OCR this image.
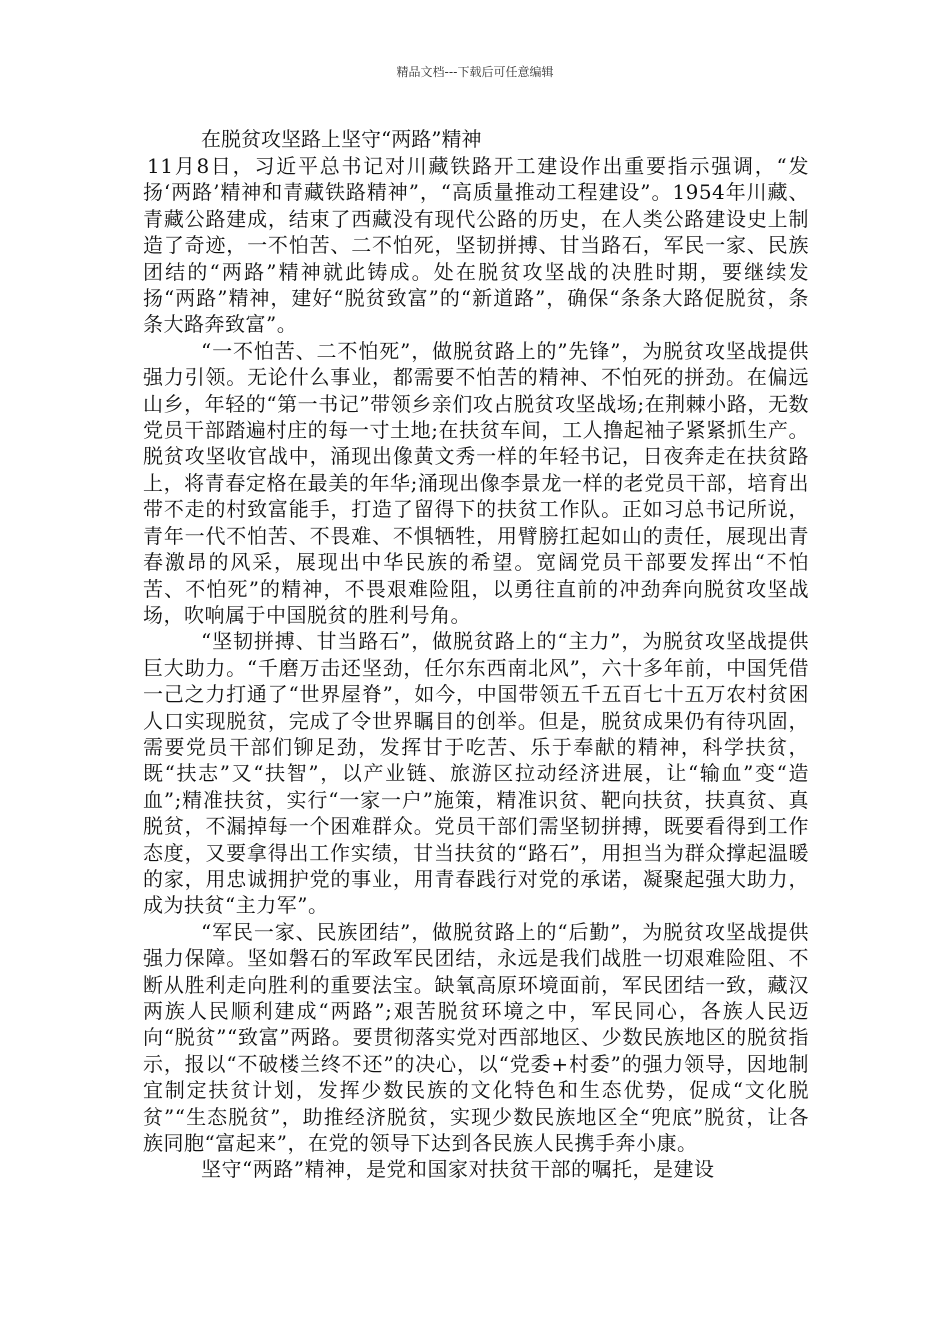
精品文档---下载后可任意编辑
在脱贫攻坚路上坚守“两路”精神

11月8日，习近平总书记对川藏铁路开工建设作出重要指示强调，“发扬‘两路’精神和青藏铁路精神”，“高质量推动工程建设”。1954年川藏、青藏公路建成，结束了西藏没有现代公路的历史，在人类公路建设史上制造了奇迹，一不怕苦、二不怕死，坚韧拼搏、甘当路石，军民一家、民族团结的“两路”精神就此铸成。处在脱贫攻坚战的决胜时期，要继续发扬“两路”精神，建好“脱贫致富”的“新道路”，确保“条条大路促脱贫，条条大路奔致富”。

“一不怕苦、二不怕死”，做脱贫路上的”先锋”，为脱贫攻坚战提供强力引领。无论什么事业，都需要不怕苦的精神、不怕死的拼劲。在偏远山乡，年轻的“第一书记”带领乡亲们攻占脱贫攻坚战场;在荆棘小路，无数党员干部踏遍村庄的每一寸土地;在扶贫车间，工人撸起袖子紧紧抓生产。脱贫攻坚收官战中，涌现出像黄文秀一样的年轻书记，日夜奔走在扶贫路上，将青春定格在最美的年华;涌现出像李景龙一样的老党员干部，培育出带不走的村致富能手，打造了留得下的扶贫工作队。正如习总书记所说，青年一代不怕苦、不畏难、不惧牺牲，用臂膀扛起如山的责任，展现出青春激昂的风采，展现出中华民族的希望。宽阔党员干部要发挥出“不怕苦、不怕死”的精神，不畏艰难险阻，以勇往直前的冲劲奔向脱贫攻坚战场，吹响属于中国脱贫的胜利号角。

“坚韧拼搏、甘当路石”，做脱贫路上的“主力”，为脱贫攻坚战提供巨大助力。“千磨万击还坚劲，任尔东西南北风”，六十多年前，中国凭借一己之力打通了“世界屋脊”，如今，中国带领五千五百七十五万农村贫困人口实现脱贫，完成了令世界瞩目的创举。但是，脱贫成果仍有待巩固，需要党员干部们铆足劲，发挥甘于吃苦、乐于奉献的精神，科学扶贫，既“扶志”又“扶智”，以产业链、旅游区拉动经济进展，让“输血”变“造血”;精准扶贫，实行“一家一户”施策，精准识贫、靶向扶贫，扶真贫、真脱贫，不漏掉每一个困难群众。党员干部们需坚韧拼搏，既要看得到工作态度，又要拿得出工作实绩，甘当扶贫的“路石”，用担当为群众撑起温暖的家，用忠诚拥护党的事业，用青春践行对党的承诺，凝聚起强大助力，成为扶贫“主力军”。

“军民一家、民族团结”，做脱贫路上的“后勤”，为脱贫攻坚战提供强力保障。坚如磐石的军政军民团结，永远是我们战胜一切艰难险阻、不断从胜利走向胜利的重要法宝。缺氧高原环境面前，军民团结一致，藏汉两族人民顺利建成“两路”;艰苦脱贫环境之中，军民同心，各族人民迈向“脱贫”“致富”两路。要贯彻落实党对西部地区、少数民族地区的脱贫指示，报以“不破楼兰终不还”的决心，以“党委+村委”的强力领导，因地制宜制定扶贫计划，发挥少数民族的文化特色和生态优势，促成“文化脱贫”“生态脱贫”，助推经济脱贫，实现少数民族地区全“兜底”脱贫，让各族同胞“富起来”，在党的领导下达到各民族人民携手奔小康。

坚守“两路”精神，是党和国家对扶贫干部的嘱托，是建设
